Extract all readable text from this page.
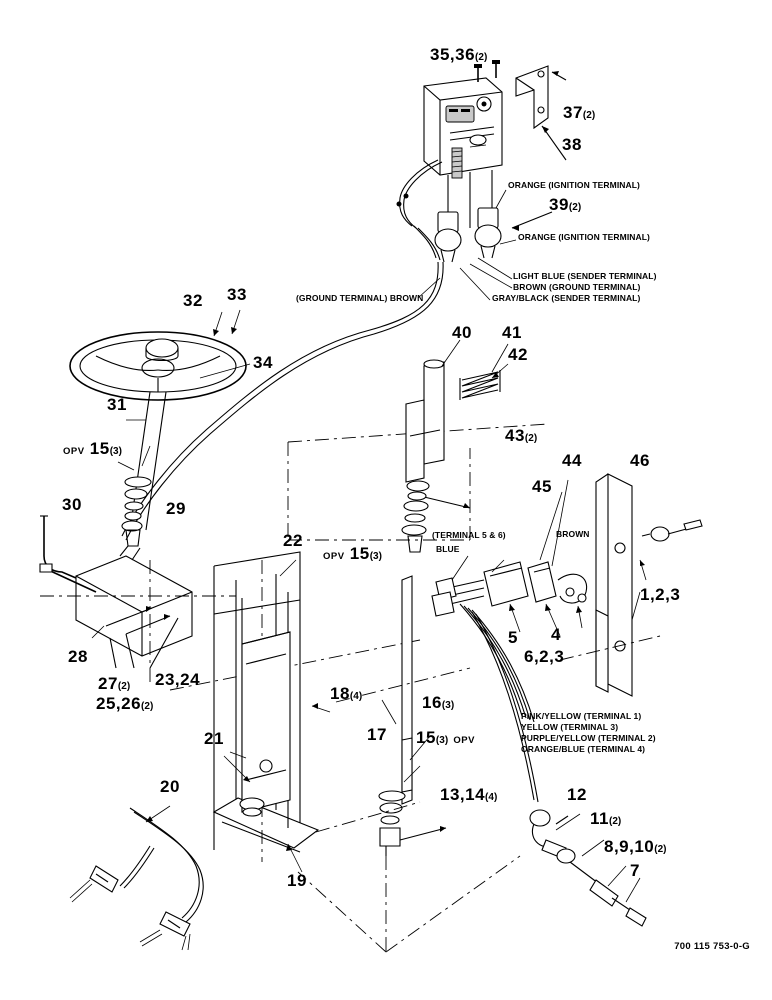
35,36(2)
37(2)
38
ORANGE (IGNITION TERMINAL)
39(2)
ORANGE (IGNITION TERMINAL)
LIGHT BLUE (SENDER TERMINAL)
BROWN (GROUND TERMINAL)
GRAY/BLACK (SENDER TERMINAL)
(GROUND TERMINAL) BROWN
32 33
34
31
OPV 15(3)
30	29
28
27(2) 23,24
25,26(2)
22
40 41
42
43(2)
44
45
46
OPV 15(3)
(TERMINAL 5 & 6)
BLUE
BROWN
1,2,3
5 4
6,2,3
18(4)	16(3)
17 15(3) OPV
PINK/YELLOW (TERMINAL 1)
YELLOW (TERMINAL 3)
PURPLE/YELLOW (TERMINAL 2)
ORANGE/BLUE (TERMINAL 4)
21
20
19
13,14(4)	12
11(2)
8,9,10(2)
7
700 115 753-0-G
